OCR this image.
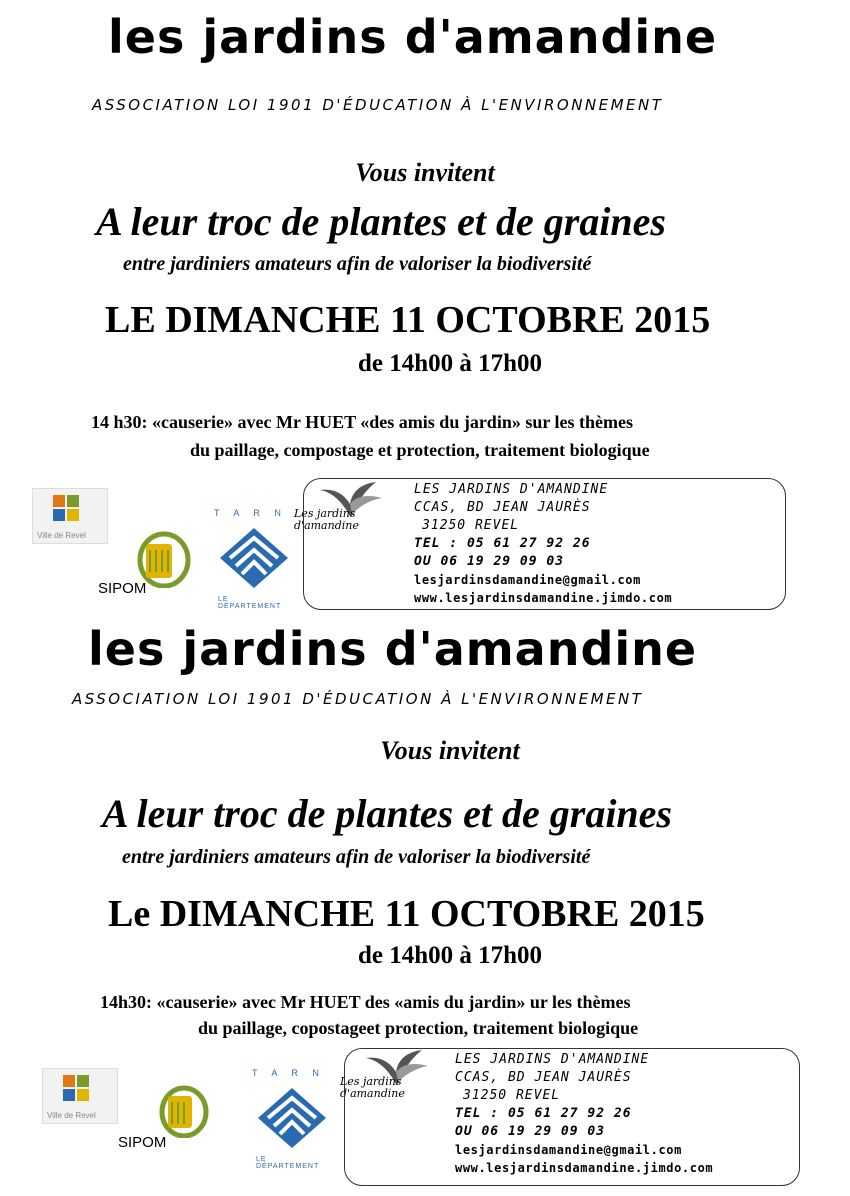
les jardins d'amandine
ASSOCIATION LOI 1901 D'ÉDUCATION À L'ENVIRONNEMENT
Vous invitent
A leur troc de plantes et de graines
entre jardiniers amateurs afin de valoriser la biodiversité
LE DIMANCHE 11 OCTOBRE 2015
de 14h00 à 17h00
14 h30: «causerie» avec Mr HUET «des amis du jardin» sur les thèmes
du paillage, compostage et protection, traitement biologique
Ville de Revel
SIPOM
T A R N
LE DÉPARTEMENT
Les jardins d'amandine
LES JARDINS D'AMANDINE
CCAS, BD JEAN JAURÈS
31250 REVEL
TEL : 05 61 27 92 26
OU 06 19 29 09 03
lesjardinsdamandine@gmail.com
www.lesjardinsdamandine.jimdo.com
les jardins d'amandine
ASSOCIATION LOI 1901 D'ÉDUCATION À L'ENVIRONNEMENT
Vous invitent
A leur troc de plantes et de graines
entre jardiniers amateurs afin de valoriser la biodiversité
Le DIMANCHE 11 OCTOBRE 2015
de 14h00 à 17h00
14h30: «causerie» avec Mr HUET des «amis du jardin» ur les thèmes
du paillage, copostageet protection, traitement biologique
Ville de Revel
SIPOM
T A R N
LE DÉPARTEMENT
Les jardins d'amandine
LES JARDINS D'AMANDINE
CCAS, BD JEAN JAURÈS
31250 REVEL
TEL : 05 61 27 92 26
OU 06 19 29 09 03
lesjardinsdamandine@gmail.com
www.lesjardinsdamandine.jimdo.com
